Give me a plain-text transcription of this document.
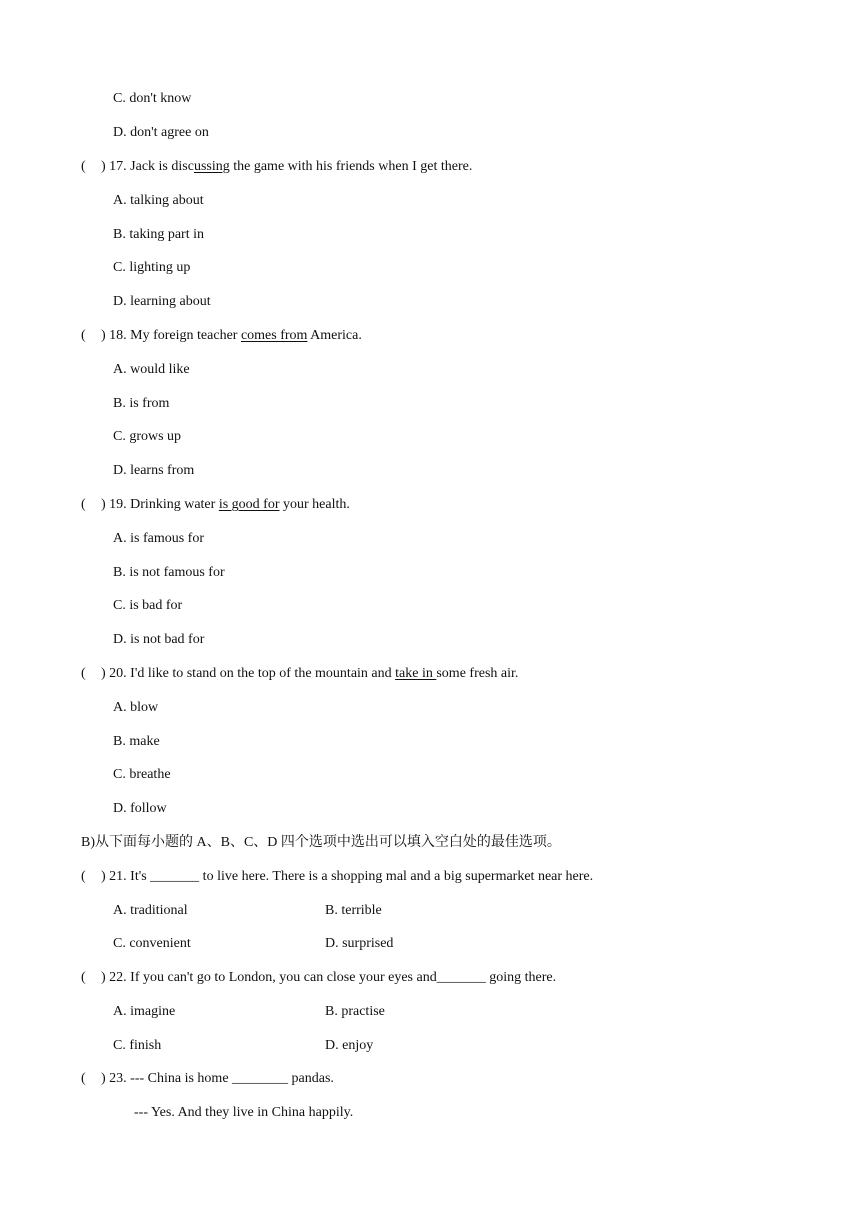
C. don't know
D. don't agree on
( ) 17. Jack is discussing the game with his friends when I get there.
A. talking about
B. taking part in
C. lighting up
D. learning about
( ) 18. My foreign teacher comes from America.
A. would like
B. is from
C. grows up
D. learns from
( ) 19. Drinking water is good for your health.
A. is famous for
B. is not famous for
C. is bad for
D. is not bad for
( ) 20. I'd like to stand on the top of the mountain and take in some fresh air.
A. blow
B. make
C. breathe
D. follow
B)从下面每小题的 A、B、C、D 四个选项中选出可以填入空白处的最佳选项。
( ) 21. It's _______ to live here. There is a shopping mal and a big supermarket near here.
A. traditional	B. terrible
C. convenient	D. surprised
( ) 22. If you can't go to London, you can close your eyes and_______ going there.
A. imagine	B. practise
C. finish	D. enjoy
( ) 23. --- China is home ________ pandas.
--- Yes. And they live in China happily.
